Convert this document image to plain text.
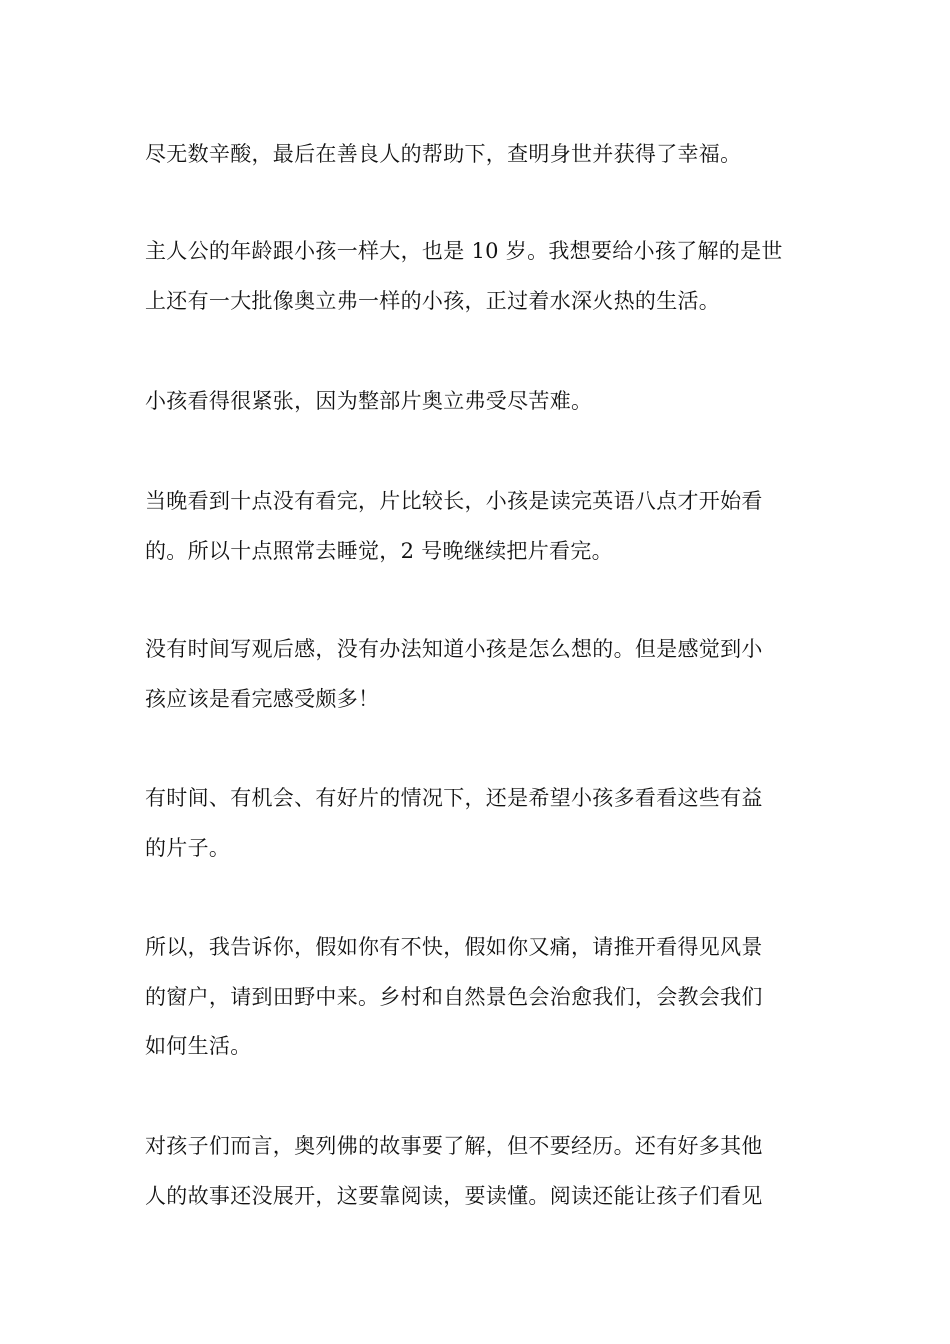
尽无数辛酸，最后在善良人的帮助下，查明身世并获得了幸福。
主人公的年龄跟小孩一样大，也是 10 岁。我想要给小孩了解的是世
上还有一大批像奥立弗一样的小孩，正过着水深火热的生活。
小孩看得很紧张，因为整部片奥立弗受尽苦难。
当晚看到十点没有看完，片比较长，小孩是读完英语八点才开始看
的。所以十点照常去睡觉，2 号晚继续把片看完。
没有时间写观后感，没有办法知道小孩是怎么想的。但是感觉到小
孩应该是看完感受颇多！
有时间、有机会、有好片的情况下，还是希望小孩多看看这些有益
的片子。
所以，我告诉你，假如你有不快，假如你又痛，请推开看得见风景
的窗户，请到田野中来。乡村和自然景色会治愈我们，会教会我们
如何生活。
对孩子们而言，奥列佛的故事要了解，但不要经历。还有好多其他
人的故事还没展开，这要靠阅读，要读懂。阅读还能让孩子们看见
